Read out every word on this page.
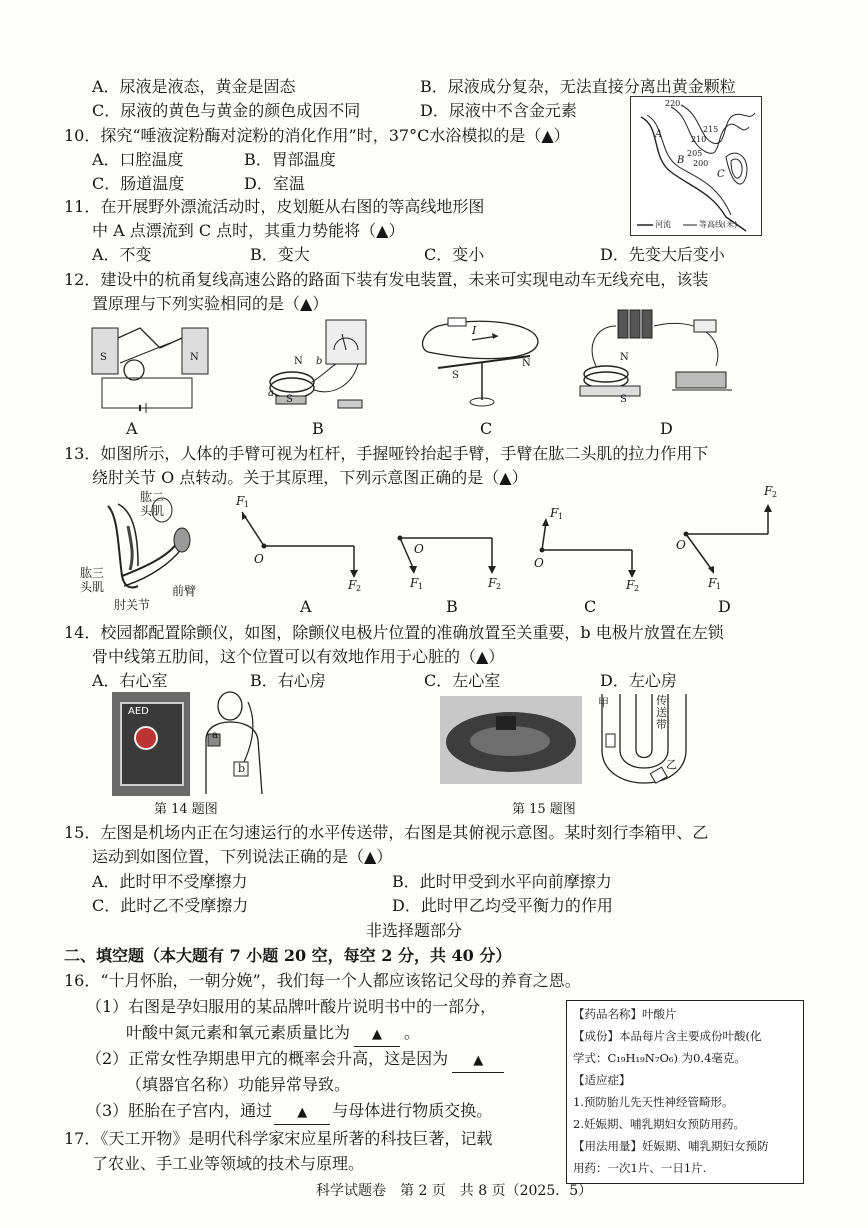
A．尿液是液态，黄金是固态	B．尿液成分复杂，无法直接分离出黄金颗粒
C．尿液的黄色与黄金的颜色成因不同	D．尿液中不含金元素
10．探究“唾液淀粉酶对淀粉的消化作用”时，37°C水浴模拟的是（▲）
A．口腔温度	B．胃部温度
C．肠道温度	D．室温
220
215
210
205
200
A
B
C
河流	等高线(米)
11．在开展野外漂流活动时，皮划艇从右图的等高线地形图
中 A 点漂流到 C 点时，其重力势能将（▲）
A．不变	B．变大	C．变小	D．先变大后变小
12．建设中的杭甬复线高速公路的路面下装有发电装置，未来可实现电动车无线充电，该装
置原理与下列实验相同的是（▲）
S	N
A
N
S
a
b
B
I
S
N
C
N
S
D
13．如图所示，人体的手臂可视为杠杆，手握哑铃抬起手臂，手臂在肱二头肌的拉力作用下
绕肘关节 O 点转动。关于其原理，下列示意图正确的是（▲）
肱二
头肌
肱三
头肌	前臂
肘关节
F 1
O
F 2
A
O
F 1	F 2
B
F 1
O
F 2
C
F 2
O
F 1
D
14．校园都配置除颤仪，如图，除颤仪电极片位置的准确放置至关重要，b 电极片放置在左锁
骨中线第五肋间，这个位置可以有效地作用于心脏的（▲）
A．右心室	B．右心房	C．左心室	D．左心房
AED
a
b
第 14 题图
甲
乙
传
送
带
第 15 题图
15．左图是机场内正在匀速运行的水平传送带，右图是其俯视示意图。某时刻行李箱甲、乙
运动到如图位置，下列说法正确的是（▲）
A．此时甲不受摩擦力	B．此时甲受到水平向前摩擦力
C．此时乙不受摩擦力	D．此时甲乙均受平衡力的作用
非选择题部分
二、填空题（本大题有 7 小题 20 空，每空 2 分，共 40 分）
16．“十月怀胎，一朝分娩”，我们每一个人都应该铭记父母的养育之恩。
（1）右图是孕妇服用的某品牌叶酸片说明书中的一部分，
叶酸中氮元素和氧元素质量比为 ▲ 。
（2）正常女性孕期患甲亢的概率会升高，这是因为 ▲
（填器官名称）功能异常导致。
（3）胚胎在子宫内，通过 ▲ 与母体进行物质交换。
【药品名称】叶酸片
【成份】本品每片含主要成份叶酸(化
学式：C₁₉H₁₉N₇O₆) 为0.4毫克。
【适应症】
1.预防胎儿先天性神经管畸形。
2.妊娠期、哺乳期妇女预防用药。
【用法用量】妊娠期、哺乳期妇女预防
用药：一次1片、一日1片.
17．《天工开物》是明代科学家宋应星所著的科技巨著，记载
了农业、手工业等领域的技术与原理。
科学试题卷　第 2 页　共 8 页（2025．5）
